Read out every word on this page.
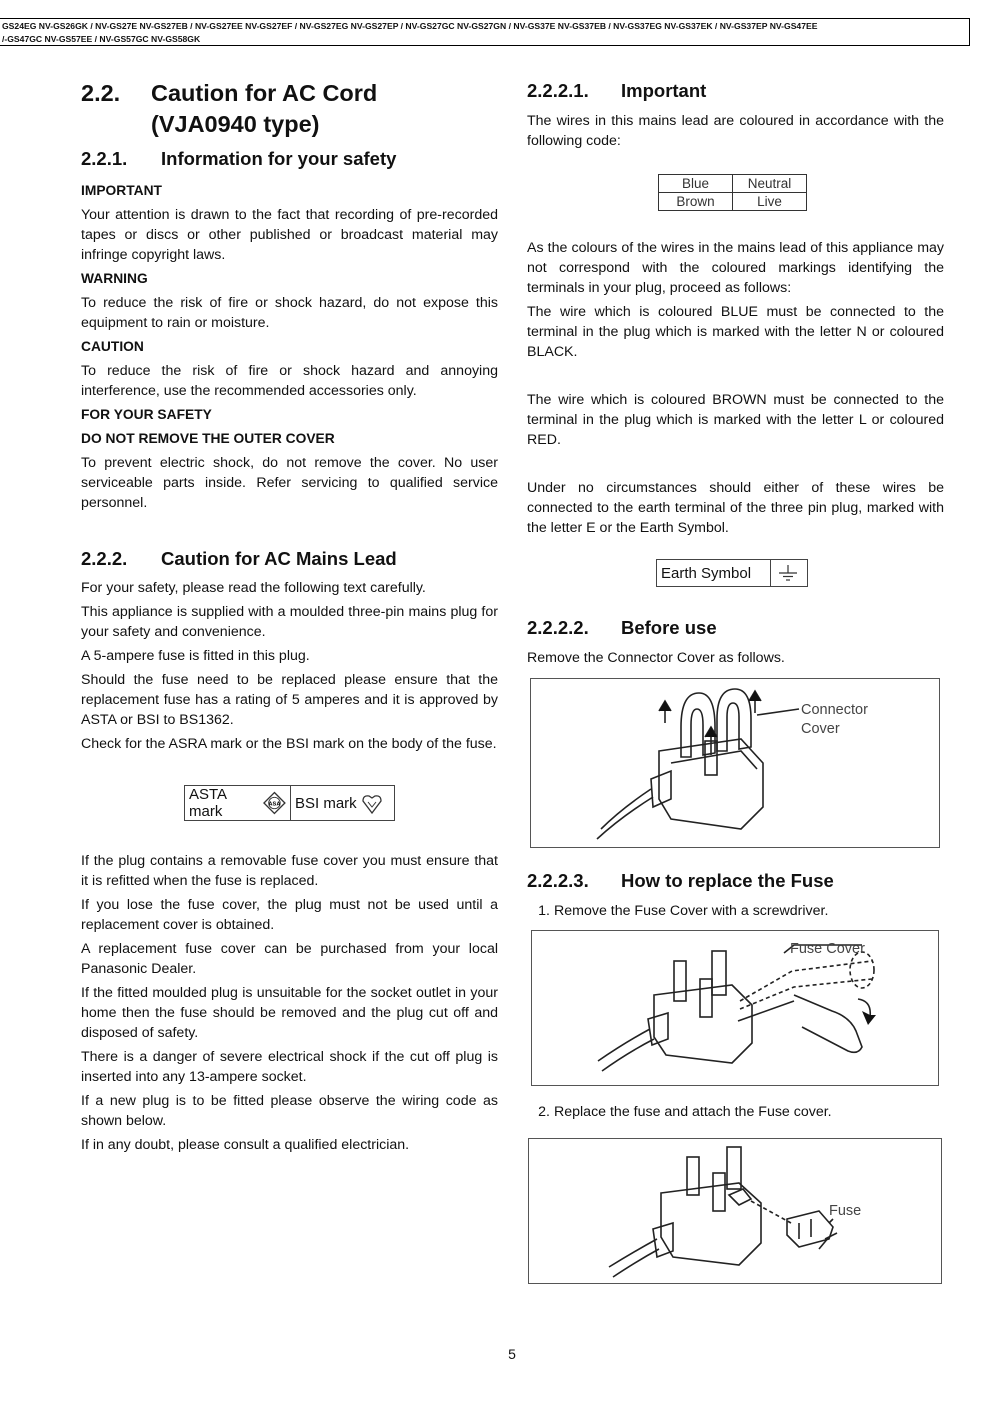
GS24EG NV-GS26GK / NV-GS27E NV-GS27EB / NV-GS27EE NV-GS27EF / NV-GS27EG NV-GS27EP / NV-GS27GC NV-GS27GN / NV-GS37E NV-GS37EB / NV-GS37EG NV-GS37EK / NV-GS37EP NV-GS47EE
/-GS47GC NV-GS57EE / NV-GS57GC NV-GS58GK
2.2.	Caution for AC Cord
(VJA0940 type)
2.2.1.	Information for your safety
IMPORTANT

Your attention is drawn to the fact that recording of pre-recorded tapes or discs or other published or broadcast material may infringe copyright laws.

WARNING

To reduce the risk of fire or shock hazard, do not expose this equipment to rain or moisture.

CAUTION

To reduce the risk of fire or shock hazard and annoying interference, use the recommended accessories only.

FOR YOUR SAFETY
DO NOT REMOVE THE OUTER COVER

To prevent electric shock, do not remove the cover. No user serviceable parts inside. Refer servicing to qualified service personnel.

2.2.2.	Caution for AC Mains Lead

For your safety, please read the following text carefully.

This appliance is supplied with a moulded three-pin mains plug for your safety and convenience.

A 5-ampere fuse is fitted in this plug.

Should the fuse need to be replaced please ensure that the replacement fuse has a rating of 5 amperes and it is approved by ASTA or BSI to BS1362.

Check for the ASRA mark or the BSI mark on the body of the fuse.

ASTA mark	ASA BSI mark

If the plug contains a removable fuse cover you must ensure that it is refitted when the fuse is replaced.

If you lose the fuse cover, the plug must not be used until a replacement cover is obtained.

A replacement fuse cover can be purchased from your local Panasonic Dealer.

If the fitted moulded plug is unsuitable for the socket outlet in your home then the fuse should be removed and the plug cut off and disposed of safety.

There is a danger of severe electrical shock if the cut off plug is inserted into any 13-ampere socket.

If a new plug is to be fitted please observe the wiring code as shown below.

If in any doubt, please consult a qualified electrician.

2.2.2.1.	Important

The wires in this mains lead are coloured in accordance with the following code:

Blue	Neutral
Brown	Live

As the colours of the wires in the mains lead of this appliance may not correspond with the coloured markings identifying the terminals in your plug, proceed as follows:

The wire which is coloured BLUE must be connected to the terminal in the plug which is marked with the letter N or coloured BLACK.

The wire which is coloured BROWN must be connected to the terminal in the plug which is marked with the letter L or coloured RED.

Under no circumstances should either of these wires be connected to the earth terminal of the three pin plug, marked with the letter E or the Earth Symbol.

Earth Symbol
2.2.2.2.	Before use

Remove the Connector Cover as follows.

Connector
Cover
2.2.2.3.	How to replace the Fuse
1. Remove the Fuse Cover with a screwdriver.
Fuse Cover
2. Replace the fuse and attach the Fuse cover.
Fuse
5
